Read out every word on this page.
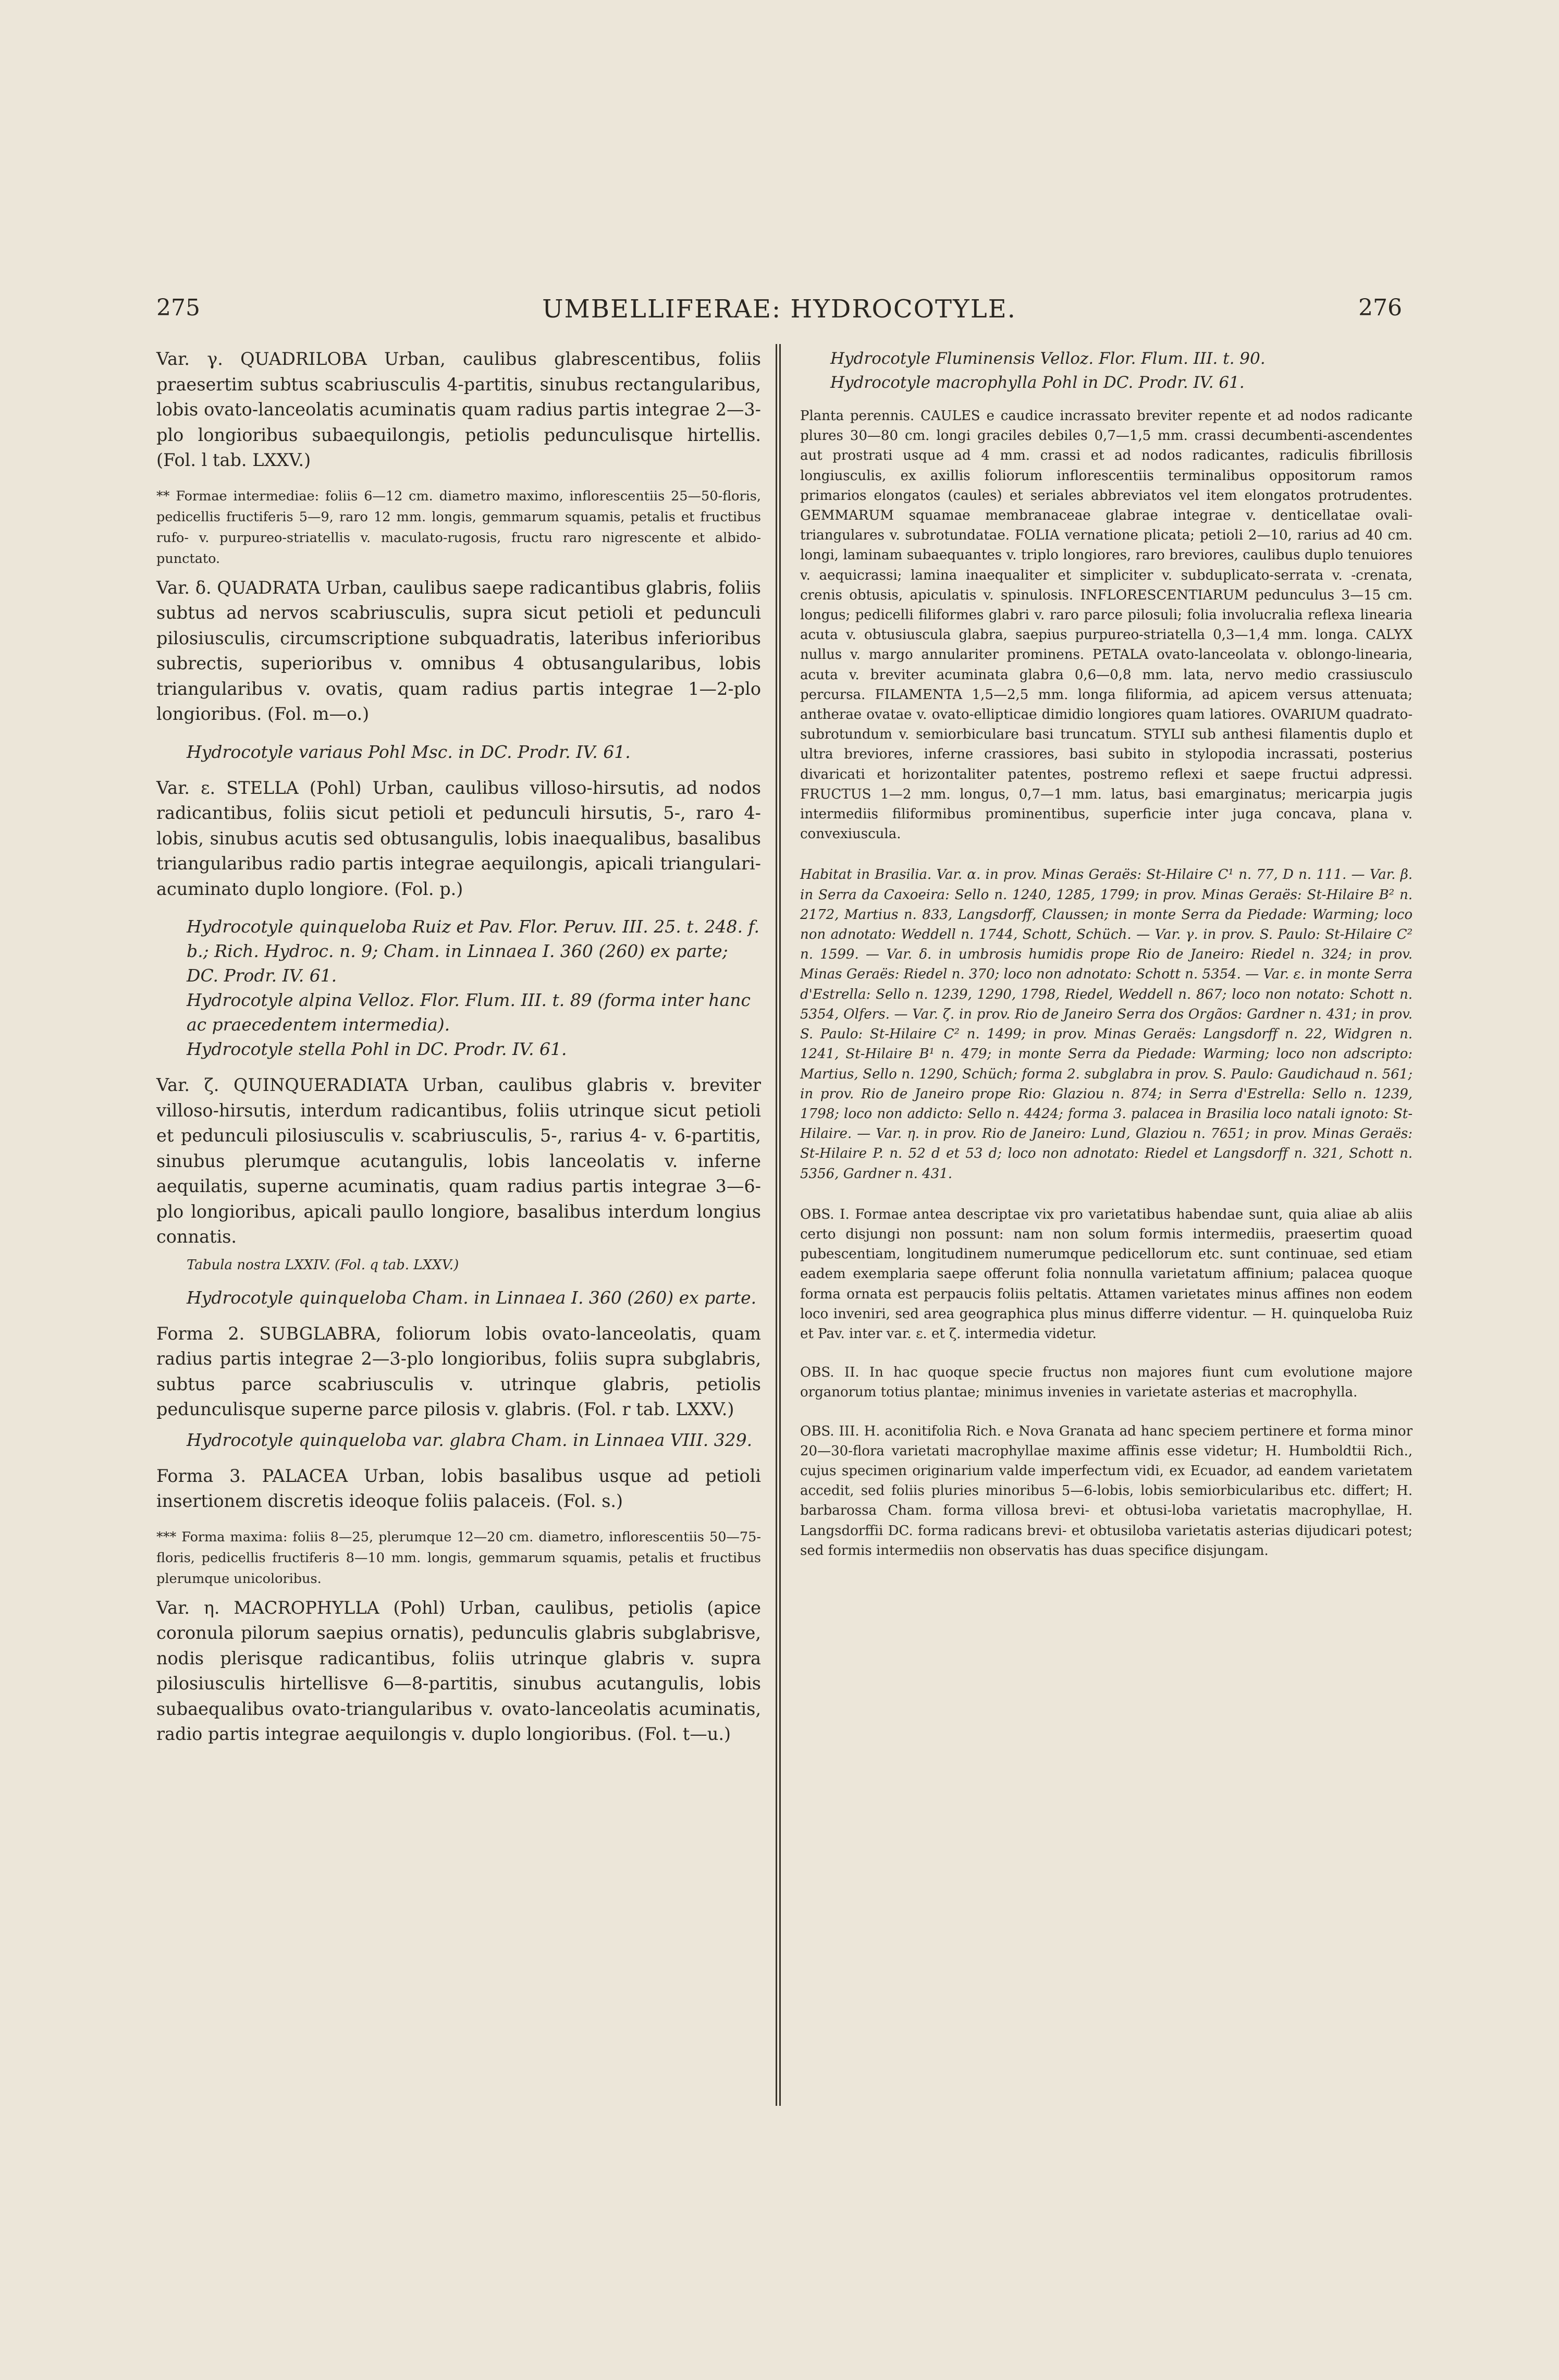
275	UMBELLIFERAE: HYDROCOTYLE.	276

Var. γ. QUADRILOBA Urban, caulibus glabrescentibus, foliis praesertim subtus scabriusculis 4-partitis, sinubus rectangularibus, lobis ovato-lanceolatis acuminatis quam radius partis integrae 2—3-plo longioribus subaequilongis, petiolis pedunculisque hirtellis. (Fol. l tab. LXXV.)

** Formae intermediae: foliis 6—12 cm. diametro maximo, inflorescentiis 25—50-floris, pedicellis fructiferis 5—9, raro 12 mm. longis, gemmarum squamis, petalis et fructibus rufo- v. purpureo-striatellis v. maculato-rugosis, fructu raro nigrescente et albido-punctato.

Var. δ. QUADRATA Urban, caulibus saepe radicantibus glabris, foliis subtus ad nervos scabriusculis, supra sicut petioli et pedunculi pilosiusculis, circumscriptione subquadratis, lateribus inferioribus subrectis, superioribus v. omnibus 4 obtusangularibus, lobis triangularibus v. ovatis, quam radius partis integrae 1—2-plo longioribus. (Fol. m—o.)

Hydrocotyle variaus Pohl Msc. in DC. Prodr. IV. 61.

Var. ε. STELLA (Pohl) Urban, caulibus villoso-hirsutis, ad nodos radicantibus, foliis sicut petioli et pedunculi hirsutis, 5-, raro 4-lobis, sinubus acutis sed obtusangulis, lobis inaequalibus, basalibus triangularibus radio partis integrae aequilongis, apicali triangulari-acuminato duplo longiore. (Fol. p.)

Hydrocotyle quinqueloba Ruiz et Pav. Flor. Peruv. III. 25. t. 248. f. b.; Rich. Hydroc. n. 9; Cham. in Linnaea I. 360 (260) ex parte; DC. Prodr. IV. 61.

Hydrocotyle alpina Velloz. Flor. Flum. III. t. 89 (forma inter hanc ac praecedentem intermedia).

Hydrocotyle stella Pohl in DC. Prodr. IV. 61.

Var. ζ. QUINQUERADIATA Urban, caulibus glabris v. breviter villoso-hirsutis, interdum radicantibus, foliis utrinque sicut petioli et pedunculi pilosiusculis v. scabriusculis, 5-, rarius 4- v. 6-partitis, sinubus plerumque acutangulis, lobis lanceolatis v. inferne aequilatis, superne acuminatis, quam radius partis integrae 3—6-plo longioribus, apicali paullo longiore, basalibus interdum longius connatis.

Tabula nostra LXXIV. (Fol. q tab. LXXV.)

Hydrocotyle quinqueloba Cham. in Linnaea I. 360 (260) ex parte.

Forma 2. SUBGLABRA, foliorum lobis ovato-lanceolatis, quam radius partis integrae 2—3-plo longioribus, foliis supra subglabris, subtus parce scabriusculis v. utrinque glabris, petiolis pedunculisque superne parce pilosis v. glabris. (Fol. r tab. LXXV.)

Hydrocotyle quinqueloba var. glabra Cham. in Linnaea VIII. 329.

Forma 3. PALACEA Urban, lobis basalibus usque ad petioli insertionem discretis ideoque foliis palaceis. (Fol. s.)

*** Forma maxima: foliis 8—25, plerumque 12—20 cm. diametro, inflorescentiis 50—75-floris, pedicellis fructiferis 8—10 mm. longis, gemmarum squamis, petalis et fructibus plerumque unicoloribus.

Var. η. MACROPHYLLA (Pohl) Urban, caulibus, petiolis (apice coronula pilorum saepius ornatis), pedunculis glabris subglabrisve, nodis plerisque radicantibus, foliis utrinque glabris v. supra pilosiusculis hirtellisve 6—8-partitis, sinubus acutangulis, lobis subaequalibus ovato-triangularibus v. ovato-lanceolatis acuminatis, radio partis integrae aequilongis v. duplo longioribus. (Fol. t—u.)

Hydrocotyle Fluminensis Velloz. Flor. Flum. III. t. 90.

Hydrocotyle macrophylla Pohl in DC. Prodr. IV. 61.

Planta perennis. CAULES e caudice incrassato breviter repente et ad nodos radicante plures 30—80 cm. longi graciles debiles 0,7—1,5 mm. crassi decumbenti-ascendentes aut prostrati usque ad 4 mm. crassi et ad nodos radicantes, radiculis fibrillosis longiusculis, ex axillis foliorum inflorescentiis terminalibus oppositorum ramos primarios elongatos (caules) et seriales abbreviatos vel item elongatos protrudentes. GEMMARUM squamae membranaceae glabrae integrae v. denticellatae ovali-triangulares v. subrotundatae. FOLIA vernatione plicata; petioli 2—10, rarius ad 40 cm. longi, laminam subaequantes v. triplo longiores, raro breviores, caulibus duplo tenuiores v. aequicrassi; lamina inaequaliter et simpliciter v. subduplicato-serrata v. -crenata, crenis obtusis, apiculatis v. spinulosis. INFLORESCENTIARUM pedunculus 3—15 cm. longus; pedicelli filiformes glabri v. raro parce pilosuli; folia involucralia reflexa linearia acuta v. obtusiuscula glabra, saepius purpureo-striatella 0,3—1,4 mm. longa. CALYX nullus v. margo annulariter prominens. PETALA ovato-lanceolata v. oblongo-linearia, acuta v. breviter acuminata glabra 0,6—0,8 mm. lata, nervo medio crassiusculo percursa. FILAMENTA 1,5—2,5 mm. longa filiformia, ad apicem versus attenuata; antherae ovatae v. ovato-ellipticae dimidio longiores quam latiores. OVARIUM quadrato-subrotundum v. semiorbiculare basi truncatum. STYLI sub anthesi filamentis duplo et ultra breviores, inferne crassiores, basi subito in stylopodia incrassati, posterius divaricati et horizontaliter patentes, postremo reflexi et saepe fructui adpressi. FRUCTUS 1—2 mm. longus, 0,7—1 mm. latus, basi emarginatus; mericarpia jugis intermediis filiformibus prominentibus, superficie inter juga concava, plana v. convexiuscula.

Habitat in Brasilia. Var. α. in prov. Minas Geraës: St-Hilaire C¹ n. 77, D n. 111. — Var. β. in Serra da Caxoeira: Sello n. 1240, 1285, 1799; in prov. Minas Geraës: St-Hilaire B² n. 2172, Martius n. 833, Langsdorff, Claussen; in monte Serra da Piedade: Warming; loco non adnotato: Weddell n. 1744, Schott, Schüch. — Var. γ. in prov. S. Paulo: St-Hilaire C² n. 1599. — Var. δ. in umbrosis humidis prope Rio de Janeiro: Riedel n. 324; in prov. Minas Geraës: Riedel n. 370; loco non adnotato: Schott n. 5354. — Var. ε. in monte Serra d'Estrella: Sello n. 1239, 1290, 1798, Riedel, Weddell n. 867; loco non notato: Schott n. 5354, Olfers. — Var. ζ. in prov. Rio de Janeiro Serra dos Orgãos: Gardner n. 431; in prov. S. Paulo: St-Hilaire C² n. 1499; in prov. Minas Geraës: Langsdorff n. 22, Widgren n. 1241, St-Hilaire B¹ n. 479; in monte Serra da Piedade: Warming; loco non adscripto: Martius, Sello n. 1290, Schüch; forma 2. subglabra in prov. S. Paulo: Gaudichaud n. 561; in prov. Rio de Janeiro prope Rio: Glaziou n. 874; in Serra d'Estrella: Sello n. 1239, 1798; loco non addicto: Sello n. 4424; forma 3. palacea in Brasilia loco natali ignoto: St-Hilaire. — Var. η. in prov. Rio de Janeiro: Lund, Glaziou n. 7651; in prov. Minas Geraës: St-Hilaire P. n. 52 d et 53 d; loco non adnotato: Riedel et Langsdorff n. 321, Schott n. 5356, Gardner n. 431.

OBS. I. Formae antea descriptae vix pro varietatibus habendae sunt, quia aliae ab aliis certo disjungi non possunt: nam non solum formis intermediis, praesertim quoad pubescentiam, longitudinem numerumque pedicellorum etc. sunt continuae, sed etiam eadem exemplaria saepe offerunt folia nonnulla varietatum affinium; palacea quoque forma ornata est perpaucis foliis peltatis. Attamen varietates minus affines non eodem loco inveniri, sed area geographica plus minus differre videntur. — H. quinqueloba Ruiz et Pav. inter var. ε. et ζ. intermedia videtur.

OBS. II. In hac quoque specie fructus non majores fiunt cum evolutione majore organorum totius plantae; minimus invenies in varietate asterias et macrophylla.

OBS. III. H. aconitifolia Rich. e Nova Granata ad hanc speciem pertinere et forma minor 20—30-flora varietati macrophyllae maxime affinis esse videtur; H. Humboldtii Rich., cujus specimen originarium valde imperfectum vidi, ex Ecuador, ad eandem varietatem accedit, sed foliis pluries minoribus 5—6-lobis, lobis semiorbicularibus etc. differt; H. barbarossa Cham. forma villosa brevi- et obtusi-loba varietatis macrophyllae, H. Langsdorffii DC. forma radicans brevi- et obtusiloba varietatis asterias dijudicari potest; sed formis intermediis non observatis has duas specifice disjungam.
